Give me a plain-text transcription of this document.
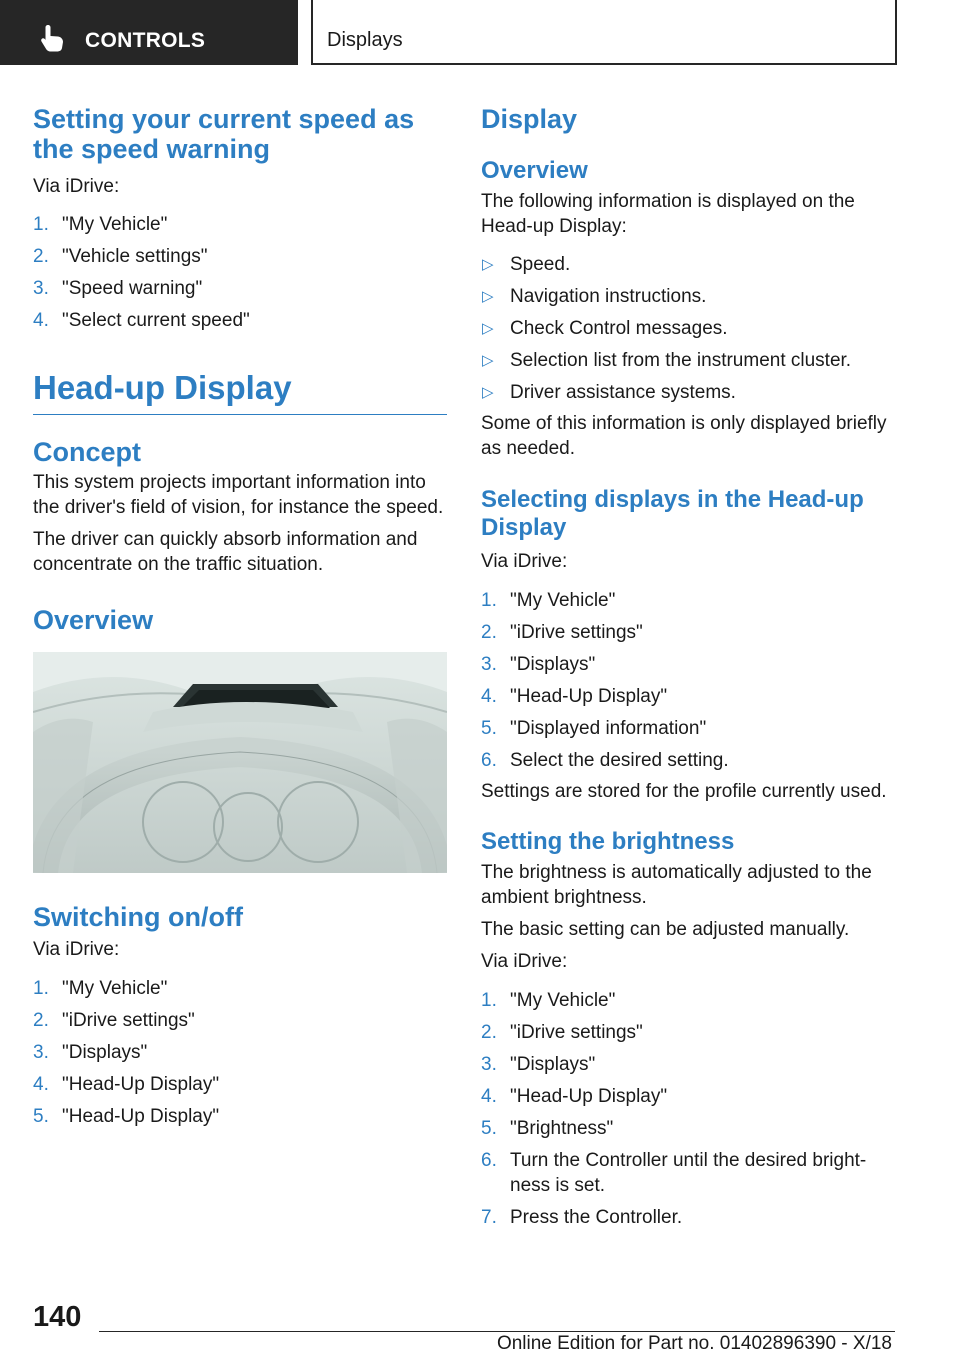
CONTROLS	Displays
Setting your current speed as the speed warning

Via iDrive:

1. "My Vehicle"
2. "Vehicle settings"
3. "Speed warning"
4. "Select current speed"
Head-up Display
Concept

This system projects important information into the driver's field of vision, for instance the speed.

The driver can quickly absorb information and concentrate on the traffic situation.

Overview
Switching on/off

Via iDrive:

1. "My Vehicle"
2. "iDrive settings"
3. "Displays"
4. "Head-Up Display"
5. "Head-Up Display"
Display
Overview

The following information is displayed on the Head-up Display:

▷ Speed.
▷ Navigation instructions.
▷ Check Control messages.
▷ Selection list from the instrument cluster.
▷ Driver assistance systems.

Some of this information is only displayed briefly as needed.

Selecting displays in the Head-up Display

Via iDrive:

1. "My Vehicle"
2. "iDrive settings"
3. "Displays"
4. "Head-Up Display"
5. "Displayed information"
6. Select the desired setting.

Settings are stored for the profile currently used.

Setting the brightness

The brightness is automatically adjusted to the ambient brightness.

The basic setting can be adjusted manually.

Via iDrive:

1. "My Vehicle"
2. "iDrive settings"
3. "Displays"
4. "Head-Up Display"
5. "Brightness"
6. Turn the Controller until the desired bright‐ness is set.
7. Press the Controller.
140
Online Edition for Part no. 01402896390 - X/18
